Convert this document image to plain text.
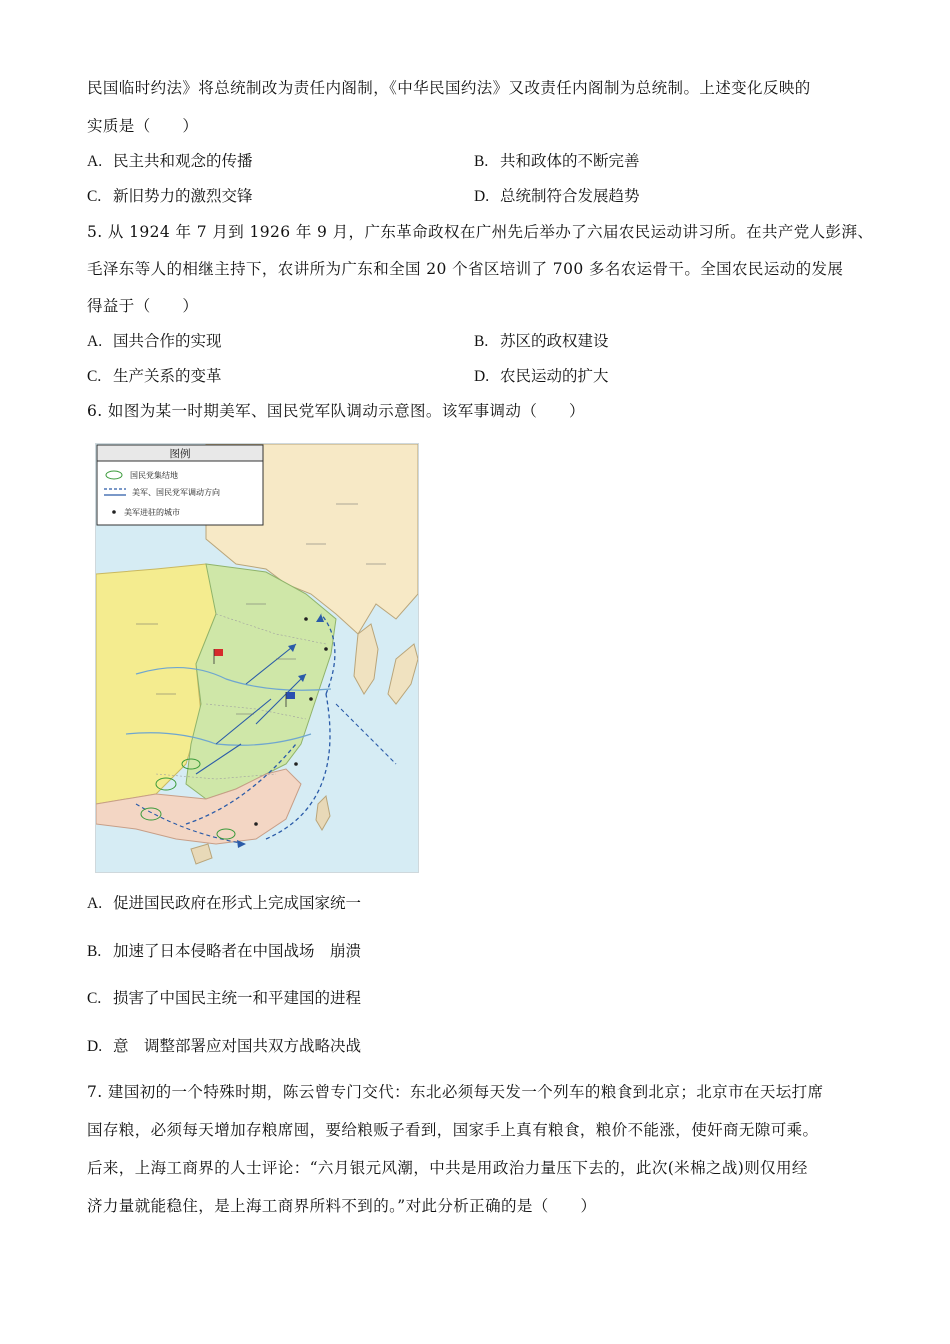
民国临时约法》将总统制改为责任内阁制，《中华民国约法》又改责任内阁制为总统制。上述变化反映的
实质是（　　）
A. 民主共和观念的传播	B. 共和政体的不断完善
C. 新旧势力的激烈交锋	D. 总统制符合发展趋势
5. 从 1924 年 7 月到 1926 年 9 月，广东革命政权在广州先后举办了六届农民运动讲习所。在共产党人彭湃、
毛泽东等人的相继主持下，农讲所为广东和全国 20 个省区培训了 700 多名农运骨干。全国农民运动的发展
得益于（　　）
A. 国共合作的实现	B. 苏区的政权建设
C. 生产关系的变革	D. 农民运动的扩大
6. 如图为某一时期美军、国民党军队调动示意图。该军事调动（　　）
图例
国民党集结地
美军、国民党军调动方向
美军进驻的城市
A. 促进国民政府在形式上完成国家统一
B. 加速了日本侵略者在中国战场　崩溃
C. 损害了中国民主统一和平建国的进程
D. 意　调整部署应对国共双方战略决战
7. 建国初的一个特殊时期，陈云曾专门交代：东北必须每天发一个列车的粮食到北京；北京市在天坛打席
国存粮，必须每天增加存粮席囤，要给粮贩子看到，国家手上真有粮食，粮价不能涨，使奸商无隙可乘。
后来，上海工商界的人士评论：“六月银元风潮，中共是用政治力量压下去的，此次(米棉之战)则仅用经
济力量就能稳住，是上海工商界所料不到的。”对此分析正确的是（　　）
